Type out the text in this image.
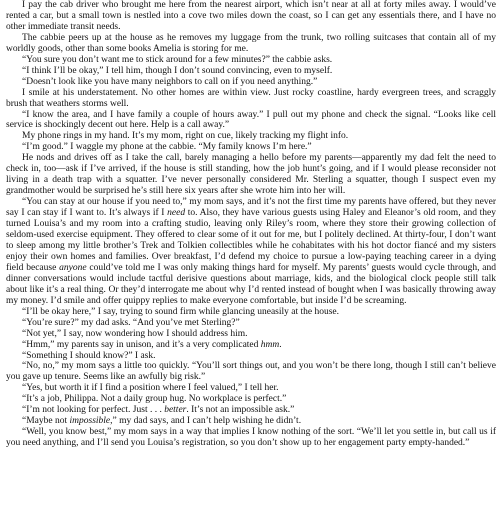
I pay the cab driver who brought me here from the nearest airport, which isn’t near at all at forty miles away. I would’ve rented a car, but a small town is nestled into a cove two miles down the coast, so I can get any essentials there, and I have no other immediate transit needs.

The cabbie peers up at the house as he removes my luggage from the trunk, two rolling suitcases that contain all of my worldly goods, other than some books Amelia is storing for me.

“You sure you don’t want me to stick around for a few minutes?” the cabbie asks.

“I think I’ll be okay,” I tell him, though I don’t sound convincing, even to myself.

“Doesn’t look like you have many neighbors to call on if you need anything.”

I smile at his understatement. No other homes are within view. Just rocky coastline, hardy evergreen trees, and scraggly brush that weathers storms well.

“I know the area, and I have family a couple of hours away.” I pull out my phone and check the signal. “Looks like cell service is shockingly decent out here. Help is a call away.”

My phone rings in my hand. It’s my mom, right on cue, likely tracking my flight info.

“I’m good.” I waggle my phone at the cabbie. “My family knows I’m here.”

He nods and drives off as I take the call, barely managing a hello before my parents—apparently my dad felt the need to check in, too—ask if I’ve arrived, if the house is still standing, how the job hunt’s going, and if I would please reconsider not living in a death trap with a squatter. I’ve never personally considered Mr. Sterling a squatter, though I suspect even my grandmother would be surprised he’s still here six years after she wrote him into her will.

“You can stay at our house if you need to,” my mom says, and it’s not the first time my parents have offered, but they never say I can stay if I want to. It’s always if I need to. Also, they have various guests using Haley and Eleanor’s old room, and they turned Louisa’s and my room into a crafting studio, leaving only Riley’s room, where they store their growing collection of seldom-used exercise equipment. They offered to clear some of it out for me, but I politely declined. At thirty-four, I don’t want to sleep among my little brother’s Trek and Tolkien collectibles while he cohabitates with his hot doctor fiancé and my sisters enjoy their own homes and families. Over breakfast, I’d defend my choice to pursue a low-paying teaching career in a dying field because anyone could’ve told me I was only making things hard for myself. My parents’ guests would cycle through, and dinner conversations would include tactful derisive questions about marriage, kids, and the biological clock people still talk about like it’s a real thing. Or they’d interrogate me about why I’d rented instead of bought when I was basically throwing away my money. I’d smile and offer quippy replies to make everyone comfortable, but inside I’d be screaming.

“I’ll be okay here,” I say, trying to sound firm while glancing uneasily at the house.

“You’re sure?” my dad asks. “And you’ve met Sterling?”

“Not yet,” I say, now wondering how I should address him.

“Hmm,” my parents say in unison, and it’s a very complicated hmm.

“Something I should know?” I ask.

“No, no,” my mom says a little too quickly. “You’ll sort things out, and you won’t be there long, though I still can’t believe you gave up tenure. Seems like an awfully big risk.”

“Yes, but worth it if I find a position where I feel valued,” I tell her.

“It’s a job, Philippa. Not a daily group hug. No workplace is perfect.”

“I’m not looking for perfect. Just . . . better. It’s not an impossible ask.”

“Maybe not impossible,” my dad says, and I can’t help wishing he didn’t.

“Well, you know best,” my mom says in a way that implies I know nothing of the sort. “We’ll let you settle in, but call us if you need anything, and I’ll send you Louisa’s registration, so you don’t show up to her engagement party empty-handed.”
